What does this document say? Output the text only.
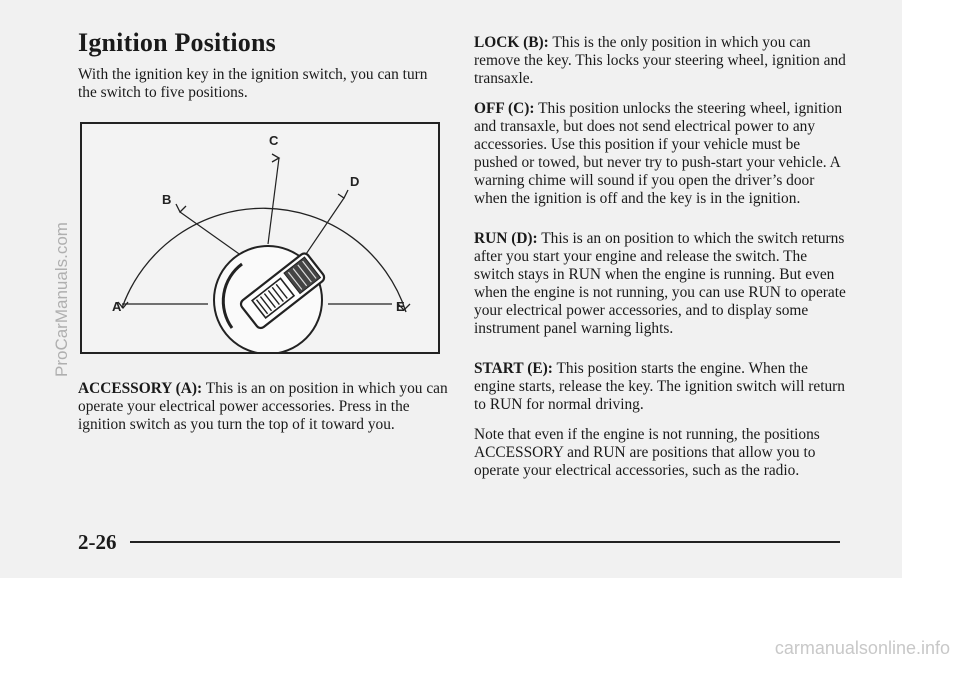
Ignition Positions

With the ignition key in the ignition switch, you can turn the switch to five positions.

A
B
C
D
E

ACCESSORY (A): This is an on position in which you can operate your electrical power accessories. Press in the ignition switch as you turn the top of it toward you.

LOCK (B): This is the only position in which you can remove the key. This locks your steering wheel, ignition and transaxle.

OFF (C): This position unlocks the steering wheel, ignition and transaxle, but does not send electrical power to any accessories. Use this position if your vehicle must be pushed or towed, but never try to push-start your vehicle. A warning chime will sound if you open the driver’s door when the ignition is off and the key is in the ignition.

RUN (D): This is an on position to which the switch returns after you start your engine and release the switch. The switch stays in RUN when the engine is running. But even when the engine is not running, you can use RUN to operate your electrical power accessories, and to display some instrument panel warning lights.

START (E): This position starts the engine. When the engine starts, release the key. The ignition switch will return to RUN for normal driving.

Note that even if the engine is not running, the positions ACCESSORY and RUN are positions that allow you to operate your electrical accessories, such as the radio.

2-26
ProCarManuals.com
carmanualsonline.info
